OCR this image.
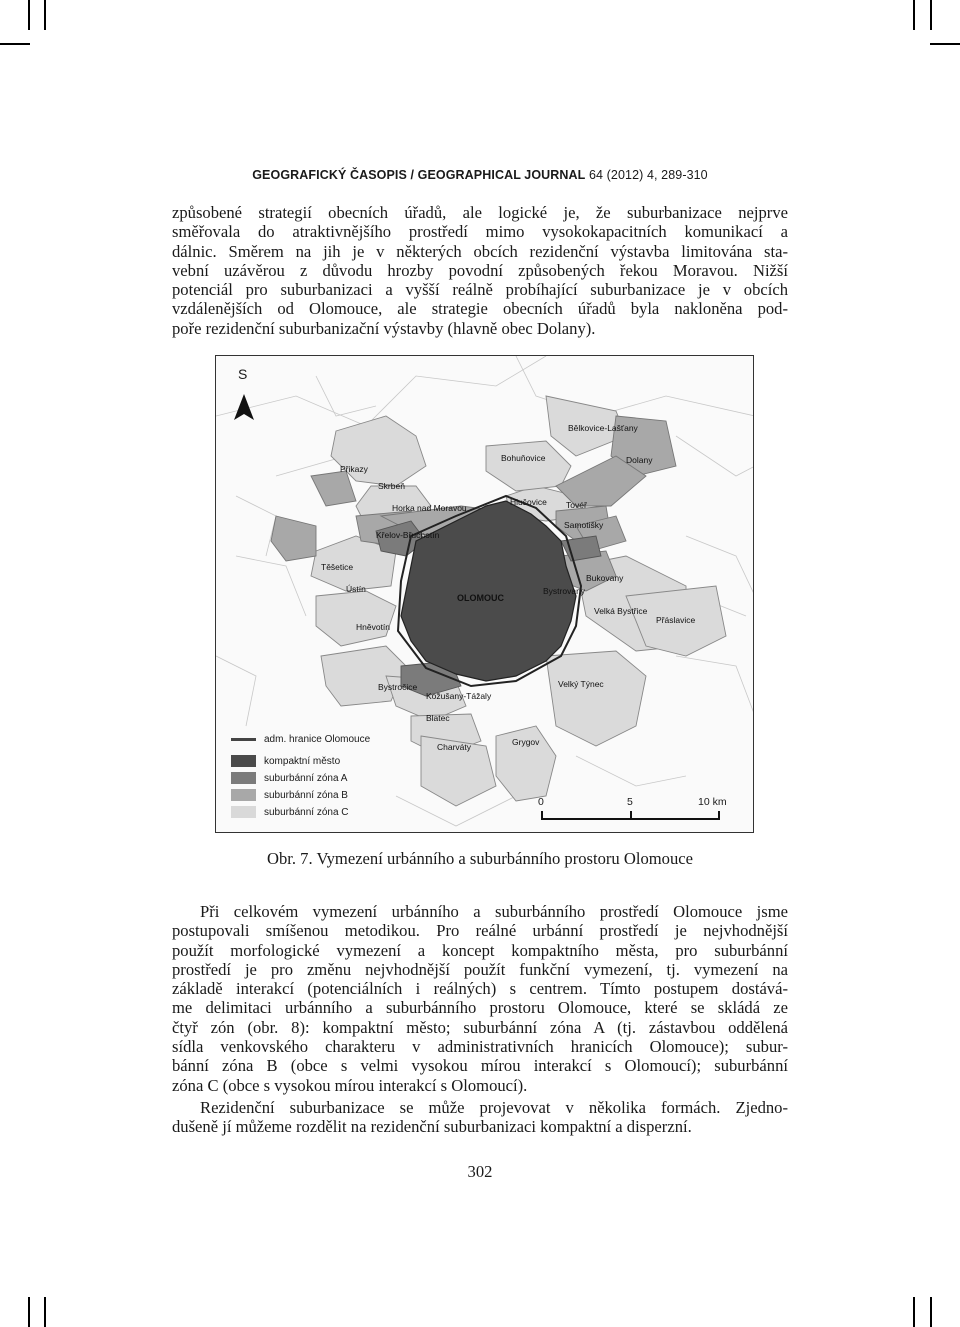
GEOGRAFICKÝ ČASOPIS / GEOGRAPHICAL JOURNAL 64 (2012) 4, 289-310

způsobené strategií obecních úřadů, ale logické je, že suburbanizace nejprve

směřovala do atraktivnějšího prostředí mimo vysokokapacitních komunikací a

dálnic. Směrem na jih je v některých obcích rezidenční výstavba limitována sta-

vební uzávěrou z důvodu hrozby povodní způsobených řekou Moravou. Nižší

potenciál pro suburbanizaci a vyšší reálně probíhající suburbanizace je v obcích

vzdálenějších od Olomouce, ale strategie obecních úřadů byla nakloněna pod-

poře rezidenční suburbanizační výstavby (hlavně obec Dolany).

Bělkovice-Lašťany
Bohuňovice	Dolany
Přikazy
Skrbeň
Horka nad Moravou
Hlušovice Tovéř
Samotišky
Křelov-Břuchotín
Těšetice
Bukovany
Ústín	Bystrovany
Velká Bystřice
Přáslavice
Hněvotín
Velký Týnec
Bystročice
Kožušany-Tážaly
Blatec
Charváty	Grygov
OLOMOUC
S
adm. hranice Olomouce
kompaktní město
suburbánní zóna A
suburbánní zóna B
suburbánní zóna C
0	5	10 km
Obr. 7. Vymezení urbánního a suburbánního prostoru Olomouce

Při celkovém vymezení urbánního a suburbánního prostředí Olomouce jsme

postupovali smíšenou metodikou. Pro reálné urbánní prostředí je nejvhodnější

použít morfologické vymezení a koncept kompaktního města, pro suburbánní

prostředí je pro změnu nejvhodnější použít funkční vymezení, tj. vymezení na

základě interakcí (potenciálních i reálných) s centrem. Tímto postupem dostává-

me delimitaci urbánního a suburbánního prostoru Olomouce, které se skládá ze

čtyř zón (obr. 8): kompaktní město; suburbánní zóna A (tj. zástavbou oddělená

sídla venkovského charakteru v administrativních hranicích Olomouce); subur-

bánní zóna B (obce s velmi vysokou mírou interakcí s Olomoucí); suburbánní

zóna C (obce s vysokou mírou interakcí s Olomoucí).

Rezidenční suburbanizace se může projevovat v několika formách. Zjedno-

dušeně jí můžeme rozdělit na rezidenční suburbanizaci kompaktní a disperzní.

302
